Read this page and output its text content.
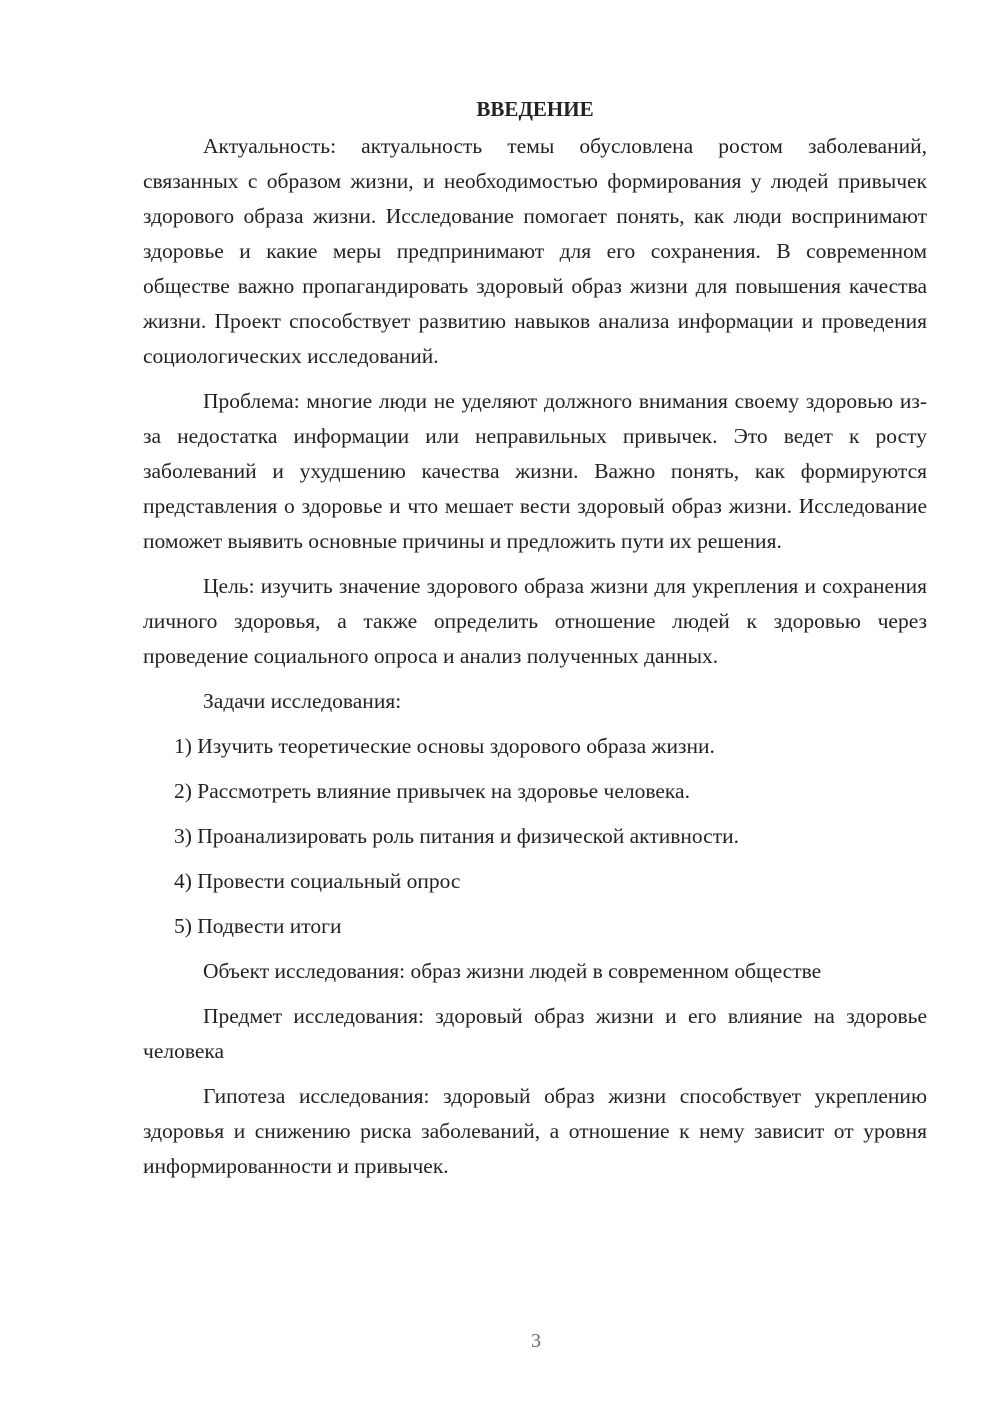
ВВЕДЕНИЕ

Актуальность: актуальность темы обусловлена ростом заболеваний, связанных с образом жизни, и необходимостью формирования у людей привычек здорового образа жизни. Исследование помогает понять, как люди воспринимают здоровье и какие меры предпринимают для его сохранения. В современном обществе важно пропагандировать здоровый образ жизни для повышения качества жизни. Проект способствует развитию навыков анализа информации и проведения социологических исследований.

Проблема: многие люди не уделяют должного внимания своему здоровью из-за недостатка информации или неправильных привычек. Это ведет к росту заболеваний и ухудшению качества жизни. Важно понять, как формируются представления о здоровье и что мешает вести здоровый образ жизни. Исследование поможет выявить основные причины и предложить пути их решения.

Цель: изучить значение здорового образа жизни для укрепления и сохранения личного здоровья, а также определить отношение людей к здоровью через проведение социального опроса и анализ полученных данных.

Задачи исследования:

1) Изучить теоретические основы здорового образа жизни.
2) Рассмотреть влияние привычек на здоровье человека.
3) Проанализировать роль питания и физической активности.
4) Провести социальный опрос
5) Подвести итоги

Объект исследования: образ жизни людей в современном обществе

Предмет исследования: здоровый образ жизни и его влияние на здоровье человека

Гипотеза исследования: здоровый образ жизни способствует укреплению здоровья и снижению риска заболеваний, а отношение к нему зависит от уровня информированности и привычек.

3
